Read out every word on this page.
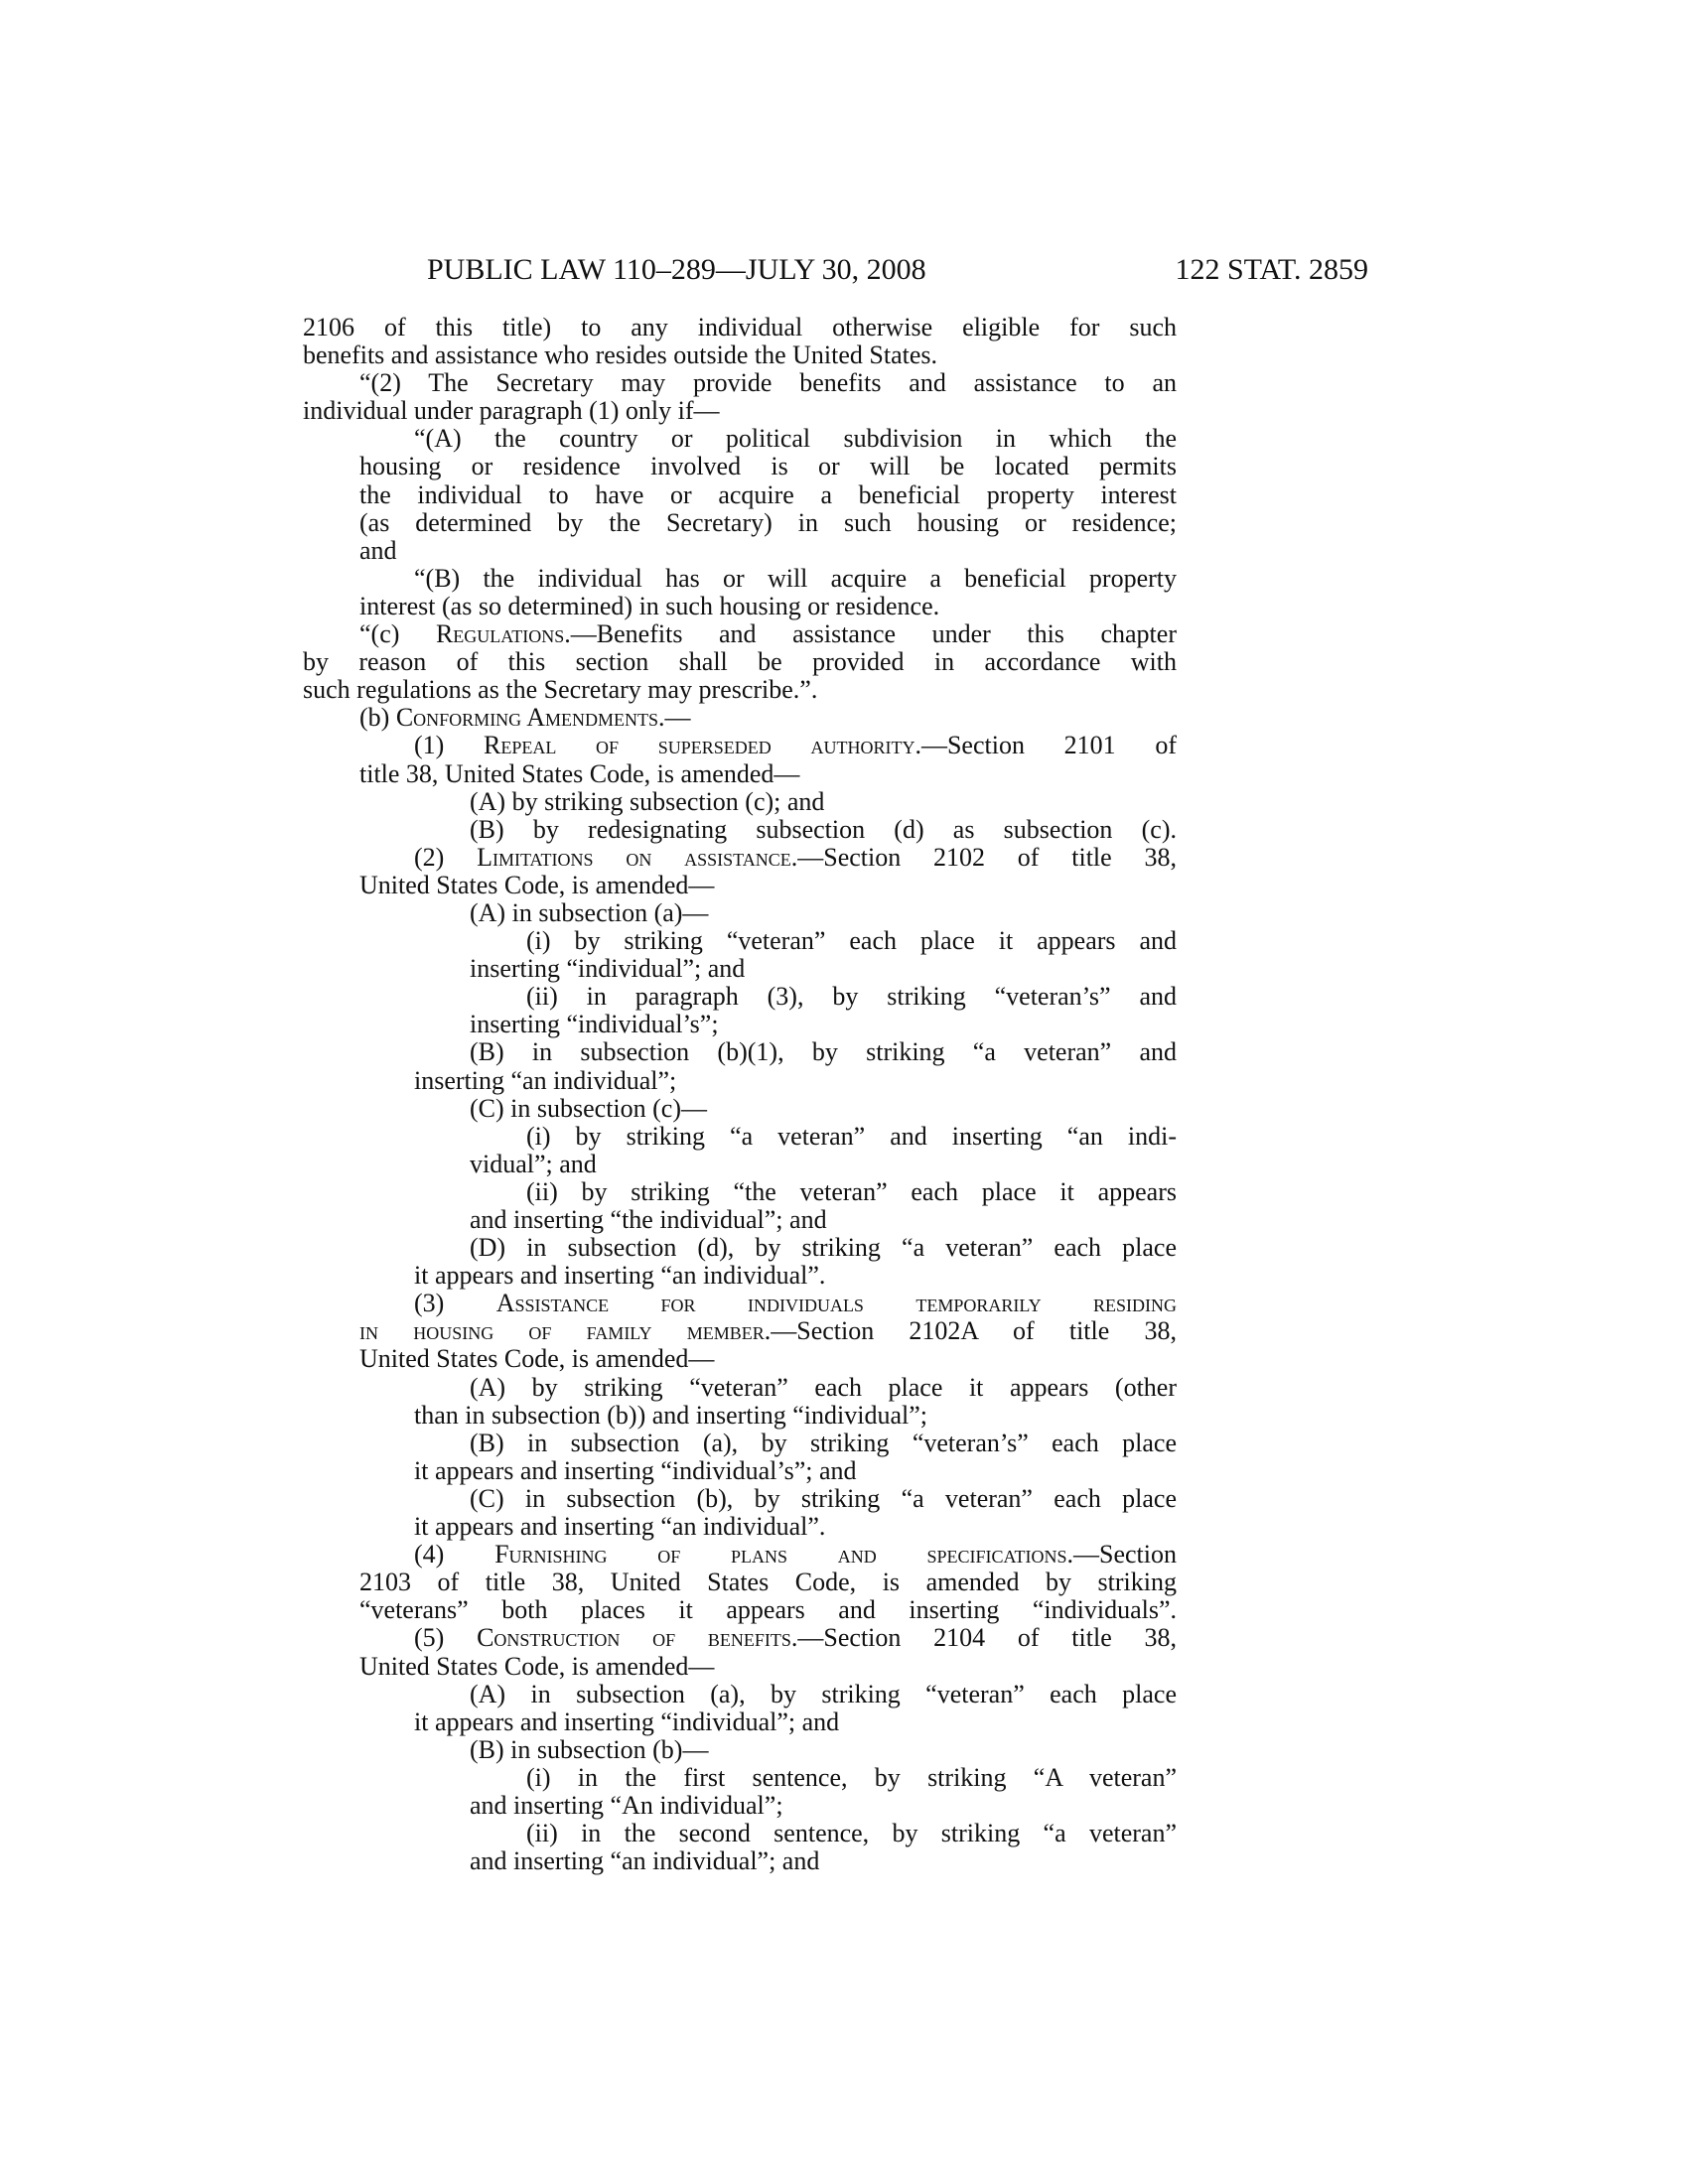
PUBLIC LAW 110–289—JULY 30, 2008	122 STAT. 2859
2106 of this title) to any individual otherwise eligible for such
benefits and assistance who resides outside the United States.
“(2) The Secretary may provide benefits and assistance to an
individual under paragraph (1) only if—
“(A) the country or political subdivision in which the
housing or residence involved is or will be located permits
the individual to have or acquire a beneficial property interest
(as determined by the Secretary) in such housing or residence;
and
“(B) the individual has or will acquire a beneficial property
interest (as so determined) in such housing or residence.
“(c) Regulations.—Benefits and assistance under this chapter
by reason of this section shall be provided in accordance with
such regulations as the Secretary may prescribe.”.
(b) Conforming Amendments.—
(1) Repeal of superseded authority.—Section 2101 of
title 38, United States Code, is amended—
(A) by striking subsection (c); and
(B) by redesignating subsection (d) as subsection (c).
(2) Limitations on assistance.—Section 2102 of title 38,
United States Code, is amended—
(A) in subsection (a)—
(i) by striking “veteran” each place it appears and
inserting “individual”; and
(ii) in paragraph (3), by striking “veteran’s” and
inserting “individual’s”;
(B) in subsection (b)(1), by striking “a veteran” and
inserting “an individual”;
(C) in subsection (c)—
(i) by striking “a veteran” and inserting “an indi-
vidual”; and
(ii) by striking “the veteran” each place it appears
and inserting “the individual”; and
(D) in subsection (d), by striking “a veteran” each place
it appears and inserting “an individual”.
(3) Assistance for individuals temporarily residing
in housing of family member.—Section 2102A of title 38,
United States Code, is amended—
(A) by striking “veteran” each place it appears (other
than in subsection (b)) and inserting “individual”;
(B) in subsection (a), by striking “veteran’s” each place
it appears and inserting “individual’s”; and
(C) in subsection (b), by striking “a veteran” each place
it appears and inserting “an individual”.
(4) Furnishing of plans and specifications.—Section
2103 of title 38, United States Code, is amended by striking
“veterans” both places it appears and inserting “individuals”.
(5) Construction of benefits.—Section 2104 of title 38,
United States Code, is amended—
(A) in subsection (a), by striking “veteran” each place
it appears and inserting “individual”; and
(B) in subsection (b)—
(i) in the first sentence, by striking “A veteran”
and inserting “An individual”;
(ii) in the second sentence, by striking “a veteran”
and inserting “an individual”; and
